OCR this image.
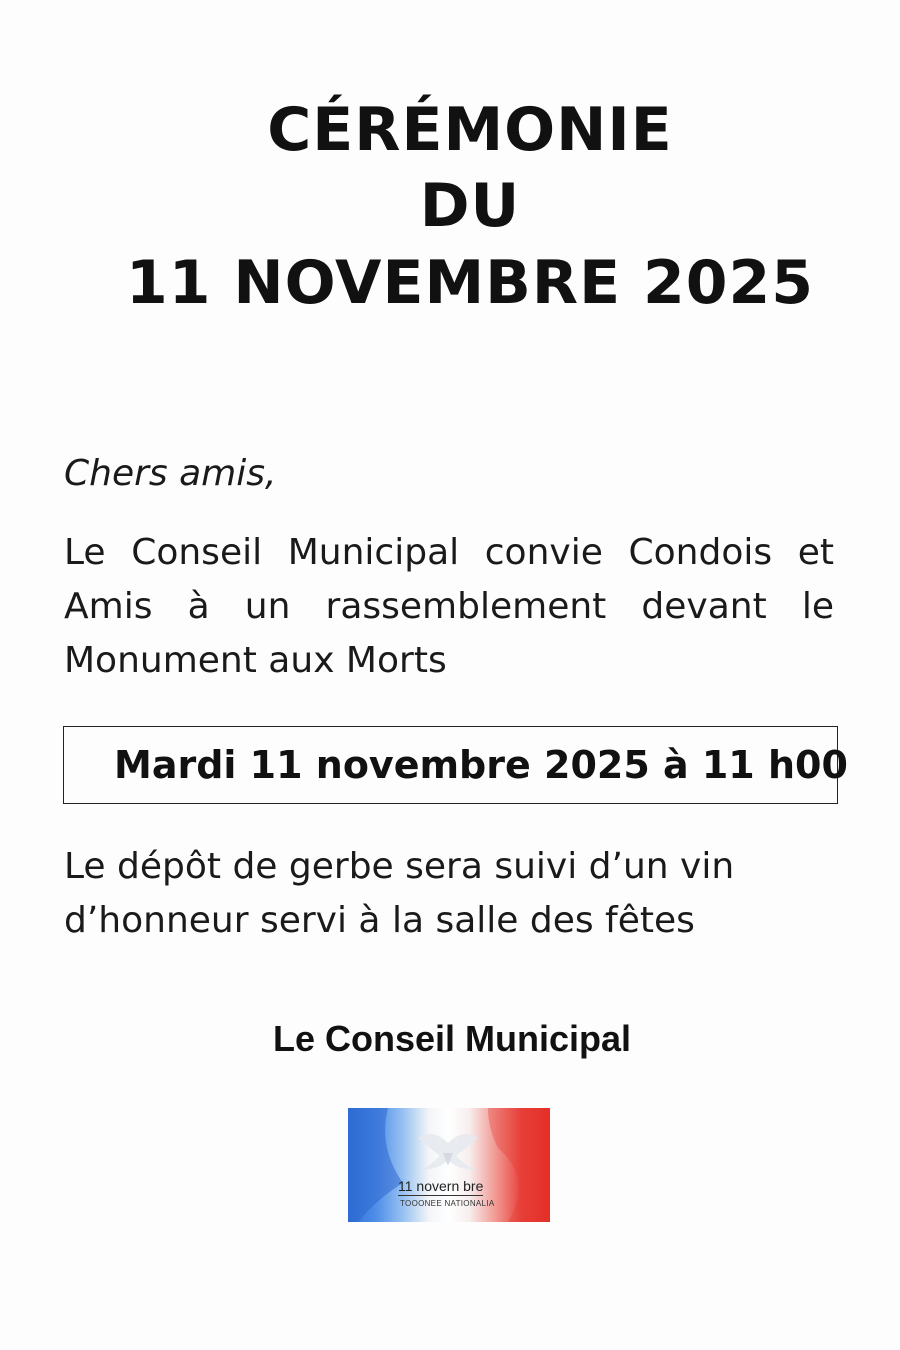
CÉRÉMONIE
DU
11 NOVEMBRE 2025
Chers amis,
Le Conseil Municipal convie Condois et Amis à un rassemblement devant le Monument aux Morts
Mardi 11 novembre 2025 à 11 h00
Le dépôt de gerbe sera suivi d’un vin d’honneur servi à la salle des fêtes
Le Conseil Municipal
11 novern bre
TOOONEE NATIONALIA
